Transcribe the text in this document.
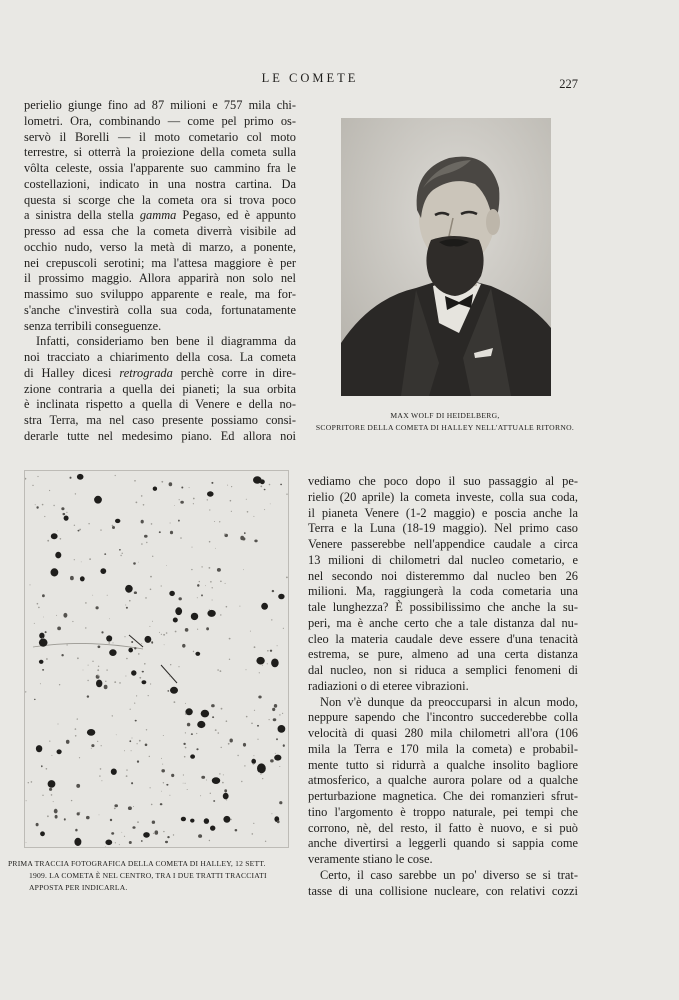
LE COMETE	227
perielio giunge fino ad 87 milioni e 757 mila chi-
lometri. Ora, combinando — come pel primo os-
servò il Borelli — il moto cometario col moto
terrestre, si otterrà la proiezione della cometa sulla
vôlta celeste, ossia l'apparente suo cammino fra le
costellazioni, indicato in una nostra cartina. Da
questa si scorge che la cometa ora si trova poco
a sinistra della stella gamma Pegaso, ed è appunto
presso ad essa che la cometa diverrà visibile ad
occhio nudo, verso la metà di marzo, a ponente,
nei crepuscoli serotini; ma l'attesa maggiore è per
il prossimo maggio. Allora apparirà non solo nel
massimo suo sviluppo apparente e reale, ma for-
s'anche c'investirà colla sua coda, fortunatamente
senza terribili conseguenze.
Infatti, consideriamo ben bene il diagramma da
noi tracciato a chiarimento della cosa. La cometa
di Halley dicesi retrograda perchè corre in dire-
zione contraria a quella dei pianeti; la sua orbita
è inclinata rispetto a quella di Venere e della no-
stra Terra, ma nel caso presente possiamo consi-
derarle tutte nel medesimo piano. Ed allora noi
MAX WOLF DI HEIDELBERG,
SCOPRITORE DELLA COMETA DI HALLEY NELL'ATTUALE RITORNO.
PRIMA TRACCIA FOTOGRAFICA DELLA COMETA DI HALLEY, 12 SETT.
1909. LA COMETA È NEL CENTRO, TRA I DUE TRATTI TRACCIATI
APPOSTA PER INDICARLA.
vediamo che poco dopo il suo passaggio al pe-
rielio (20 aprile) la cometa investe, colla sua coda,
il pianeta Venere (1-2 maggio) e poscia anche la
Terra e la Luna (18-19 maggio). Nel primo caso
Venere passerebbe nell'appendice caudale a circa
13 milioni di chilometri dal nucleo cometario, e
nel secondo noi disteremmo dal nucleo ben 26
milioni. Ma, raggiungerà la coda cometaria una
tale lunghezza? È possibilissimo che anche la su-
peri, ma è anche certo che a tale distanza dal nu-
cleo la materia caudale deve essere d'una tenacità
estrema, se pure, almeno ad una certa distanza
dal nucleo, non si riduca a semplici fenomeni di
radiazioni o di eteree vibrazioni.
Non v'è dunque da preoccuparsi in alcun modo,
neppure sapendo che l'incontro succederebbe colla
velocità di quasi 280 mila chilometri all'ora (106
mila la Terra e 170 mila la cometa) e probabil-
mente tutto si ridurrà a qualche insolito bagliore
atmosferico, a qualche aurora polare od a qualche
perturbazione magnetica. Che dei romanzieri sfrut-
tino l'argomento è troppo naturale, pei tempi che
corrono, nè, del resto, il fatto è nuovo, e si può
anche divertirsi a leggerli quando si sappia come
veramente stiano le cose.
Certo, il caso sarebbe un po' diverso se si trat-
tasse di una collisione nucleare, con relativi cozzi
